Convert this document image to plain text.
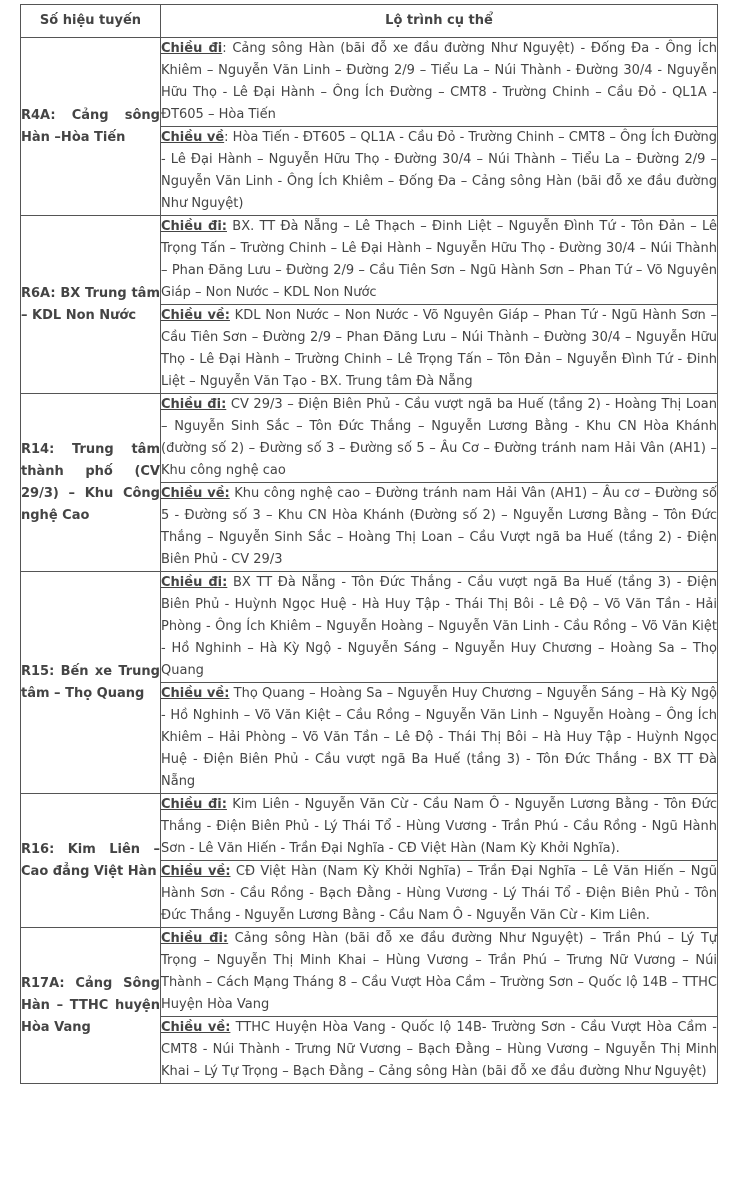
Số hiệu tuyến	Lộ trình cụ thể
R4A: Cảng sông Hàn –Hòa Tiến	Chiều đi: Cảng sông Hàn (bãi đỗ xe đầu đường Như Nguyệt) - Đống Đa - Ông Ích Khiêm – Nguyễn Văn Linh – Đường 2/9 – Tiểu La – Núi Thành - Đường 30/4 - Nguyễn Hữu Thọ - Lê Đại Hành – Ông Ích Đường – CMT8 - Trường Chinh – Cầu Đỏ - QL1A - ĐT605 – Hòa Tiến
	Chiều về: Hòa Tiến - ĐT605 – QL1A - Cầu Đỏ - Trường Chinh – CMT8 – Ông Ích Đường - Lê Đại Hành – Nguyễn Hữu Thọ - Đường 30/4 – Núi Thành – Tiểu La – Đường 2/9 – Nguyễn Văn Linh - Ông Ích Khiêm – Đống Đa – Cảng sông Hàn (bãi đỗ xe đầu đường Như Nguyệt)
R6A: BX Trung tâm – KDL Non Nước	Chiều đi: BX. TT Đà Nẵng – Lê Thạch – Đinh Liệt – Nguyễn Đình Tứ - Tôn Đản – Lê Trọng Tấn – Trường Chinh – Lê Đại Hành – Nguyễn Hữu Thọ - Đường 30/4 – Núi Thành – Phan Đăng Lưu – Đường 2/9 – Cầu Tiên Sơn – Ngũ Hành Sơn – Phan Tứ – Võ Nguyên Giáp – Non Nước – KDL Non Nước
	Chiều về: KDL Non Nước – Non Nước - Võ Nguyên Giáp – Phan Tứ - Ngũ Hành Sơn – Cầu Tiên Sơn – Đường 2/9 – Phan Đăng Lưu – Núi Thành – Đường 30/4 – Nguyễn Hữu Thọ - Lê Đại Hành – Trường Chinh – Lê Trọng Tấn – Tôn Đản – Nguyễn Đình Tứ - Đinh Liệt – Nguyễn Văn Tạo - BX. Trung tâm Đà Nẵng
R14: Trung tâm thành phố (CV 29/3) – Khu Công nghệ Cao	Chiều đi: CV 29/3 – Điện Biên Phủ - Cầu vượt ngã ba Huế (tầng 2) - Hoàng Thị Loan – Nguyễn Sinh Sắc – Tôn Đức Thắng – Nguyễn Lương Bằng - Khu CN Hòa Khánh (đường số 2) – Đường số 3 – Đường số 5 – Âu Cơ – Đường tránh nam Hải Vân (AH1) – Khu công nghệ cao
	Chiều về: Khu công nghệ cao – Đường tránh nam Hải Vân (AH1) – Âu cơ – Đường số 5 - Đường số 3 – Khu CN Hòa Khánh (Đường số 2) – Nguyễn Lương Bằng – Tôn Đức Thắng – Nguyễn Sinh Sắc – Hoàng Thị Loan – Cầu Vượt ngã ba Huế (tầng 2) - Điện Biên Phủ - CV 29/3
R15: Bến xe Trung tâm – Thọ Quang	Chiều đi: BX TT Đà Nẵng - Tôn Đức Thắng - Cầu vượt ngã Ba Huế (tầng 3) - Điện Biên Phủ - Huỳnh Ngọc Huệ - Hà Huy Tập - Thái Thị Bôi - Lê Độ – Võ Văn Tần - Hải Phòng - Ông Ích Khiêm – Nguyễn Hoàng – Nguyễn Văn Linh - Cầu Rồng – Võ Văn Kiệt - Hồ Nghinh – Hà Kỳ Ngộ - Nguyễn Sáng – Nguyễn Huy Chương – Hoàng Sa – Thọ Quang
	Chiều về: Thọ Quang – Hoàng Sa – Nguyễn Huy Chương – Nguyễn Sáng – Hà Kỳ Ngộ - Hồ Nghinh – Võ Văn Kiệt – Cầu Rồng – Nguyễn Văn Linh – Nguyễn Hoàng – Ông Ích Khiêm – Hải Phòng – Võ Văn Tần – Lê Độ - Thái Thị Bôi – Hà Huy Tập - Huỳnh Ngọc Huệ - Điện Biên Phủ - Cầu vượt ngã Ba Huế (tầng 3) - Tôn Đức Thắng - BX TT Đà Nẵng
R16: Kim Liên – Cao đẳng Việt Hàn	Chiều đi: Kim Liên - Nguyễn Văn Cừ - Cầu Nam Ô - Nguyễn Lương Bằng - Tôn Đức Thắng - Điện Biên Phủ - Lý Thái Tổ - Hùng Vương - Trần Phú - Cầu Rồng - Ngũ Hành Sơn - Lê Văn Hiến - Trần Đại Nghĩa - CĐ Việt Hàn (Nam Kỳ Khởi Nghĩa).
	Chiều về: CĐ Việt Hàn (Nam Kỳ Khởi Nghĩa) – Trần Đại Nghĩa – Lê Văn Hiến – Ngũ Hành Sơn - Cầu Rồng - Bạch Đằng - Hùng Vương - Lý Thái Tổ - Điện Biên Phủ - Tôn Đức Thắng - Nguyễn Lương Bằng - Cầu Nam Ô - Nguyễn Văn Cừ - Kim Liên.
R17A: Cảng Sông Hàn – TTHC huyện Hòa Vang	Chiều đi: Cảng sông Hàn (bãi đỗ xe đầu đường Như Nguyệt) – Trần Phú – Lý Tự Trọng – Nguyễn Thị Minh Khai – Hùng Vương – Trần Phú – Trưng Nữ Vương – Núi Thành – Cách Mạng Tháng 8 – Cầu Vượt Hòa Cầm – Trường Sơn – Quốc lộ 14B – TTHC Huyện Hòa Vang
	Chiều về: TTHC Huyện Hòa Vang - Quốc lộ 14B- Trường Sơn - Cầu Vượt Hòa Cầm - CMT8 - Núi Thành - Trưng Nữ Vương – Bạch Đằng – Hùng Vương – Nguyễn Thị Minh Khai – Lý Tự Trọng – Bạch Đằng – Cảng sông Hàn (bãi đỗ xe đầu đường Như Nguyệt)
